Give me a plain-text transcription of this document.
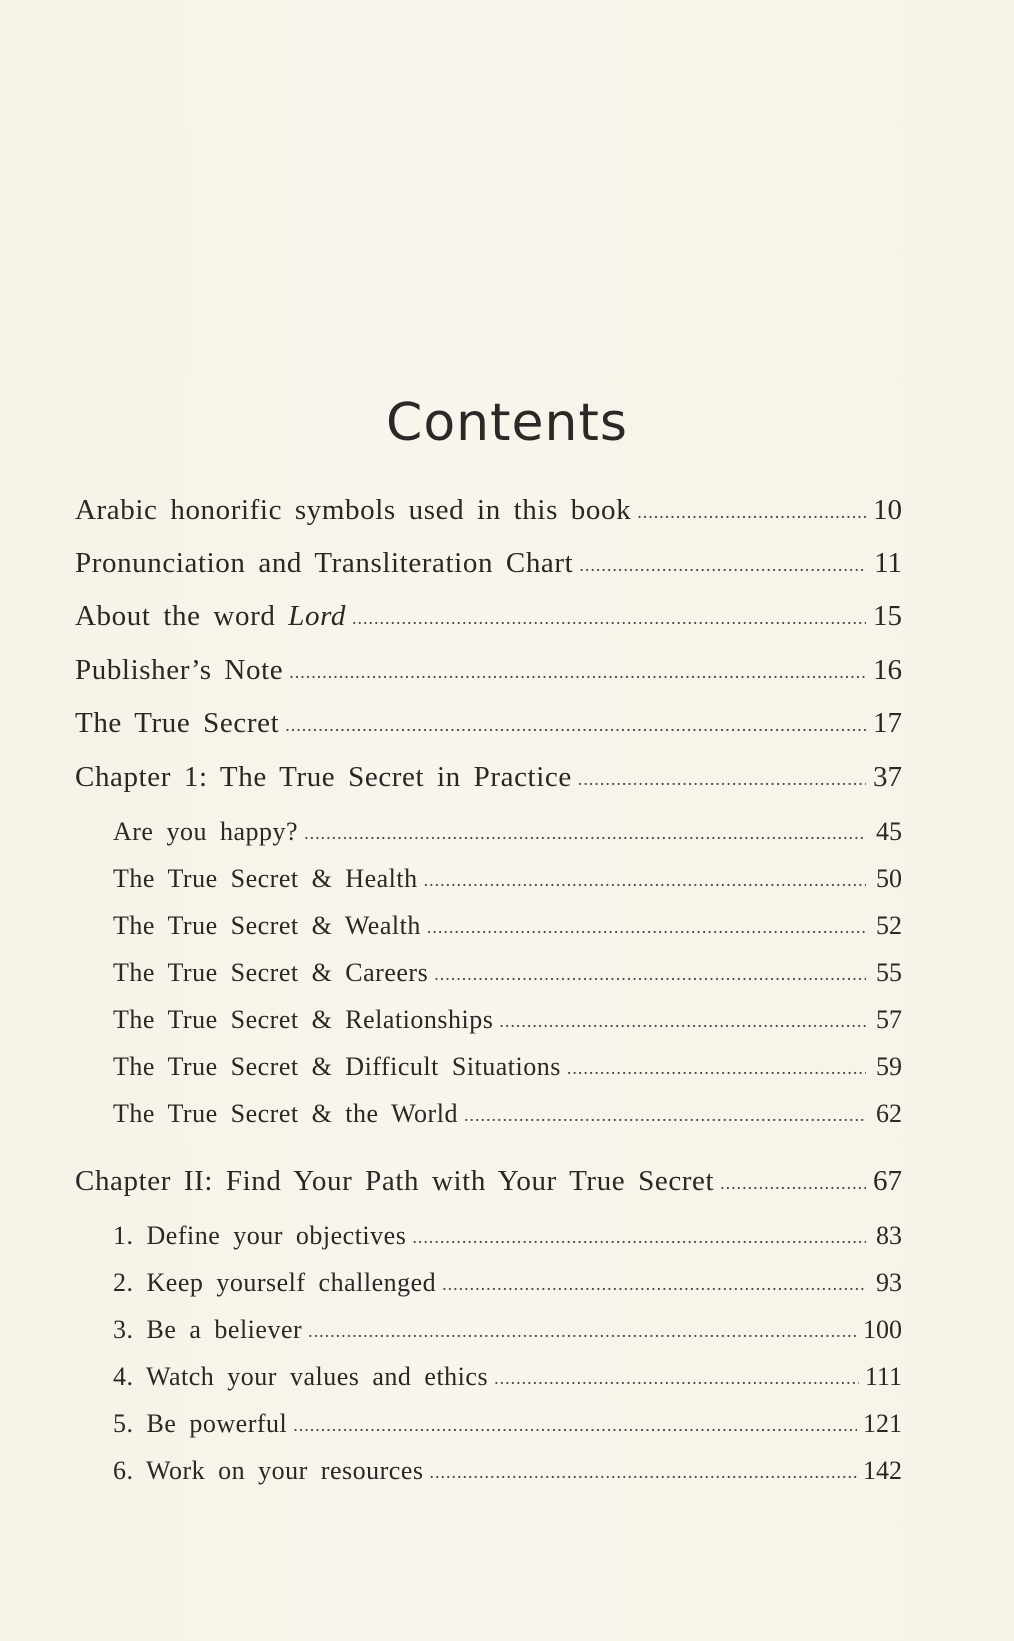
Contents
Arabic honorific symbols used in this book .....	10
Pronunciation and Transliteration Chart .....	11
About the word Lord .....	15
Publisher’s Note .....	16
The True Secret .....	17
Chapter 1: The True Secret in Practice .....	37
Are you happy? .....	45
The True Secret & Health .....	50
The True Secret & Wealth .....	52
The True Secret & Careers .....	55
The True Secret & Relationships .....	57
The True Secret & Difficult Situations .....	59
The True Secret & the World .....	62
Chapter II: Find Your Path with Your True Secret .....	67
1. Define your objectives .....	83
2. Keep yourself challenged .....	93
3. Be a believer .....	100
4. Watch your values and ethics .....	111
5. Be powerful .....	121
6. Work on your resources .....	142
